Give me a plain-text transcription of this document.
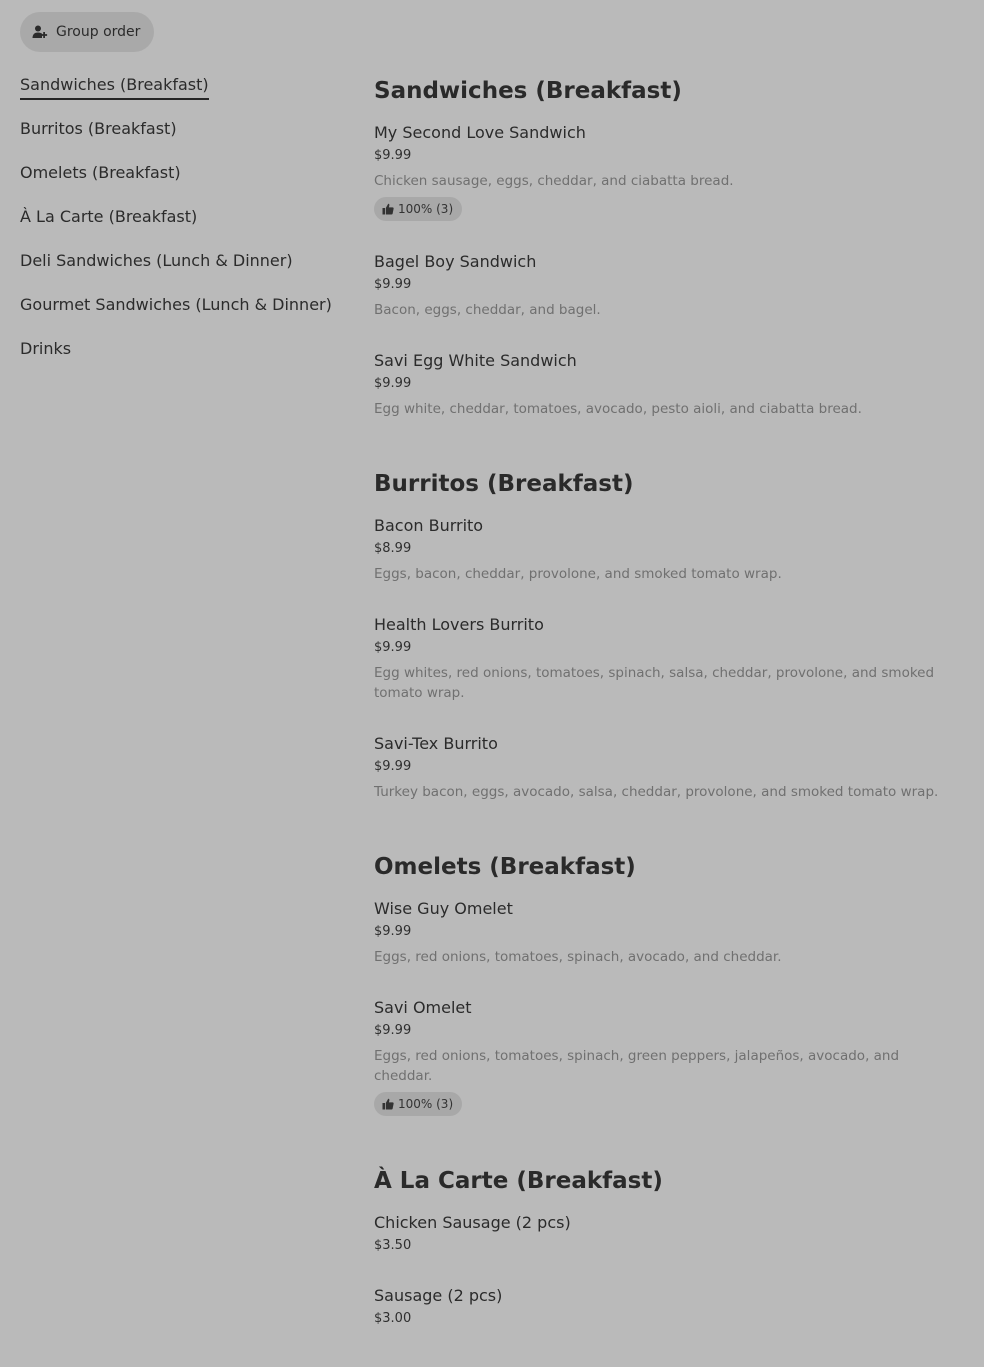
Group order
Sandwiches (Breakfast)
Burritos (Breakfast)
Omelets (Breakfast)
À La Carte (Breakfast)
Deli Sandwiches (Lunch & Dinner)
Gourmet Sandwiches (Lunch & Dinner)
Drinks
Sandwiches (Breakfast)
My Second Love Sandwich
$9.99
Chicken sausage, eggs, cheddar, and ciabatta bread.
100% (3)
Bagel Boy Sandwich
$9.99
Bacon, eggs, cheddar, and bagel.
Savi Egg White Sandwich
$9.99
Egg white, cheddar, tomatoes, avocado, pesto aioli, and ciabatta bread.
Burritos (Breakfast)
Bacon Burrito
$8.99
Eggs, bacon, cheddar, provolone, and smoked tomato wrap.
Health Lovers Burrito
$9.99
Egg whites, red onions, tomatoes, spinach, salsa, cheddar, provolone, and smoked tomato wrap.
Savi-Tex Burrito
$9.99
Turkey bacon, eggs, avocado, salsa, cheddar, provolone, and smoked tomato wrap.
Omelets (Breakfast)
Wise Guy Omelet
$9.99
Eggs, red onions, tomatoes, spinach, avocado, and cheddar.
Savi Omelet
$9.99
Eggs, red onions, tomatoes, spinach, green peppers, jalapeños, avocado, and cheddar.
100% (3)
À La Carte (Breakfast)
Chicken Sausage (2 pcs)
$3.50
Sausage (2 pcs)
$3.00
